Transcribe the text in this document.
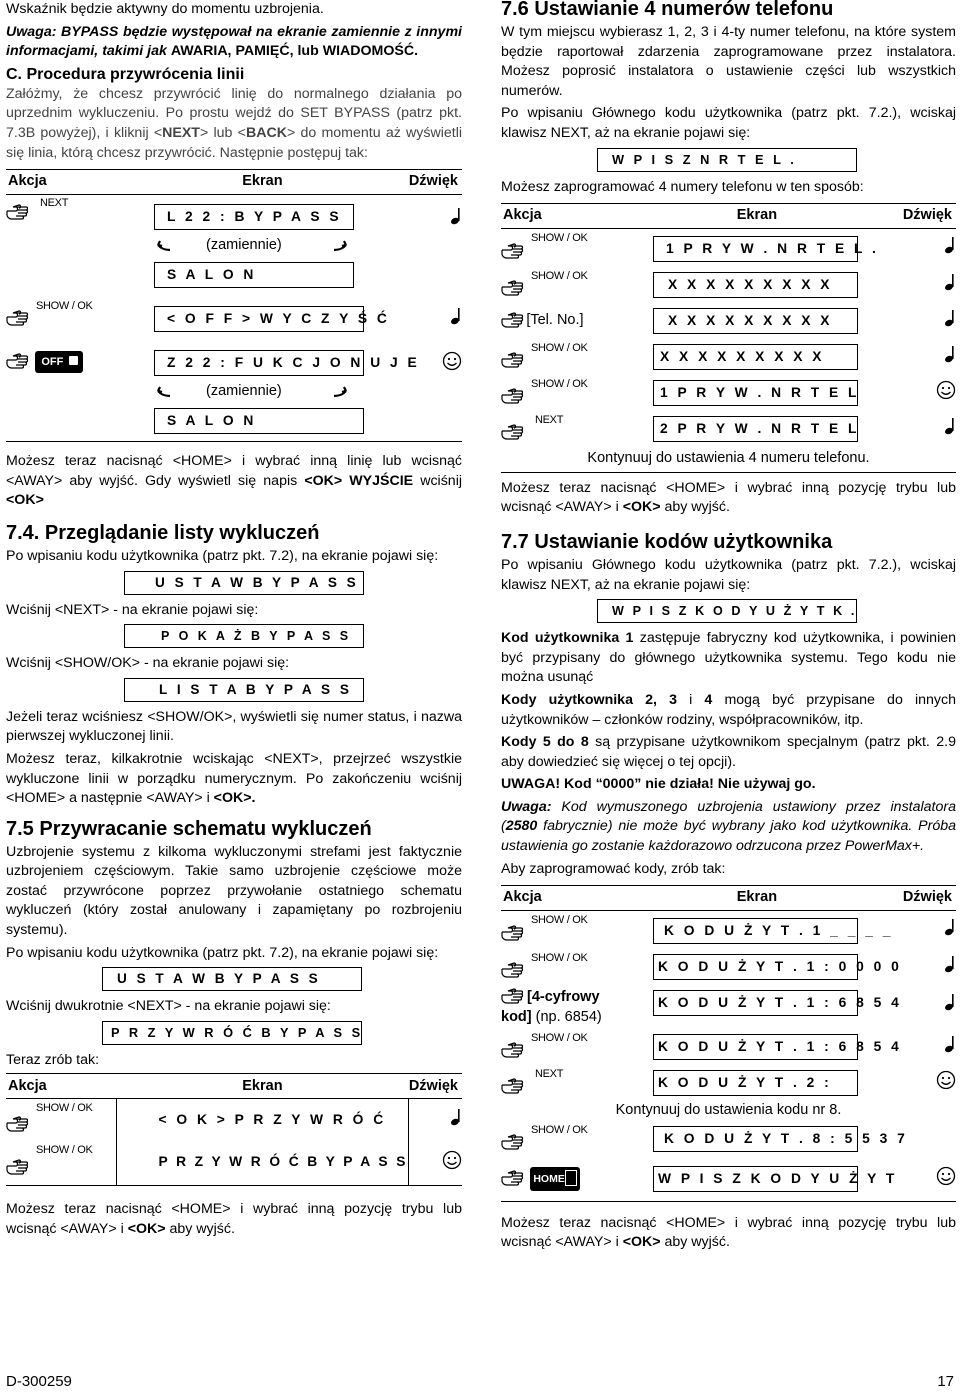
Wskaźnik będzie aktywny do momentu uzbrojenia.

Uwaga: BYPASS będzie występował na ekranie zamiennie z innymi informacjami, takimi jak AWARIA, PAMIĘĆ, lub WIADOMOŚĆ.

C. Procedura przywrócenia linii

Załóżmy, że chcesz przywrócić linię do normalnego działania po uprzednim wykluczeniu. Po prostu wejdź do SET BYPASS (patrz pkt. 7.3B powyżej), i kliknij <NEXT> lub <BACK> do momentu aż wyświetli się linia, którą chcesz przywrócić. Następnie postępuj tak:

Akcja	Ekran	Dźwięk

NEXT	L 2 2 : B Y P A S S
(zamiennie)
S A L O N

SHOW / OK	< O F F > W Y C Z Y Ś Ć

OFF	Z 2 2 : F U K C J O N U J E
(zamiennie)
S A L O N

Możesz teraz nacisnąć <HOME> i wybrać inną linię lub wcisnąć <AWAY> aby wyjść. Gdy wyświetl się napis <OK> WYJŚCIE wciśnij <OK>

7.4. Przeglądanie listy wykluczeń

Po wpisaniu kodu użytkownika (patrz pkt. 7.2), na ekranie pojawi się:

U S T A W B Y P A S S

Wciśnij <NEXT> - na ekranie pojawi się:

P O K A Ż B Y P A S S

Wciśnij <SHOW/OK> - na ekranie pojawi się:

L I S T A B Y P A S S

Jeżeli teraz wciśniesz <SHOW/OK>, wyświetli się numer status, i nazwa pierwszej wykluczonej linii.

Możesz teraz, kilkakrotnie wciskając <NEXT>, przejrzeć wszystkie wykluczone linii w porządku numerycznym. Po zakończeniu wciśnij <HOME> a następnie <AWAY> i <OK>.

7.5 Przywracanie schematu wykluczeń

Uzbrojenie systemu z kilkoma wykluczonymi strefami jest faktycznie uzbrojeniem częściowym. Takie samo uzbrojenie częściowe może zostać przywrócone poprzez przywołanie ostatniego schematu wykluczeń (który został anulowany i zapamiętany po rozbrojeniu systemu).

Po wpisaniu kodu użytkownika (patrz pkt. 7.2), na ekranie pojawi się:

U S T A W B Y P A S S

Wciśnij dwukrotnie <NEXT> - na ekranie pojawi się:

P R Z Y W R Ó Ć B Y P A S S

Teraz zrób tak:

Akcja	Ekran	Dźwięk

SHOW / OK	< O K > P R Z Y W R Ó Ć

SHOW / OK	P R Z Y W R Ó Ć B Y P A S S

Możesz teraz nacisnąć <HOME> i wybrać inną pozycję trybu lub wcisnąć <AWAY> i <OK> aby wyjść.

7.6 Ustawianie 4 numerów telefonu

W tym miejscu wybierasz 1, 2, 3 i 4-ty numer telefonu, na które system będzie raportował zdarzenia zaprogramowane przez instalatora. Możesz poprosić instalatora o ustawienie części lub wszystkich numerów.

Po wpisaniu Głównego kodu użytkownika (patrz pkt. 7.2.), wciskaj klawisz NEXT, aż na ekranie pojawi się:

W P I S Z N R T E L .

Możesz zaprogramować 4 numery telefonu w ten sposób:

Akcja	Ekran	Dźwięk

SHOW / OK	1 P R Y W . N R T E L .

SHOW / OK	X X X X X X X X X

[Tel. No.]	X X X X X X X X X

SHOW / OK	X X X X X X X X X

SHOW / OK	1 P R Y W . N R T E L

NEXT	2 P R Y W . N R T E L

Kontynuuj do ustawienia 4 numeru telefonu.		

Możesz teraz nacisnąć <HOME> i wybrać inną pozycję trybu lub wcisnąć <AWAY> i <OK> aby wyjść.

7.7 Ustawianie kodów użytkownika

Po wpisaniu Głównego kodu użytkownika (patrz pkt. 7.2.), wciskaj klawisz NEXT, aż na ekranie pojawi się:

W P I S Z K O D Y U Ż Y T K .

Kod użytkownika 1 zastępuje fabryczny kod użytkownika, i powinien być przypisany do głównego użytkownika systemu. Tego kodu nie można usunąć

Kody użytkownika 2, 3 i 4 mogą być przypisane do innych użytkowników – członków rodziny, współpracowników, itp.

Kody 5 do 8 są przypisane użytkownikom specjalnym (patrz pkt. 2.9 aby dowiedzieć się więcej o tej opcji).

UWAGA! Kod “0000” nie działa! Nie używaj go.

Uwaga: Kod wymuszonego uzbrojenia ustawiony przez instalatora (2580 fabrycznie) nie może być wybrany jako kod użytkownika. Próba ustawienia go zostanie każdorazowo odrzucona przez PowerMax+.

Aby zaprogramować kody, zrób tak:

Akcja	Ekran	Dźwięk

SHOW / OK	K O D U Ż Y T . 1 _ _ _ _

SHOW / OK	K O D U Ż Y T . 1 : 0 0 0 0

[4-cyfrowy kod] (np. 6854)	K O D U Ż Y T . 1 : 6 8 5 4

SHOW / OK	K O D U Ż Y T . 1 : 6 8 5 4

NEXT	K O D U Ż Y T . 2 :

Kontynuuj do ustawienia kodu nr 8.		

SHOW / OK	K O D U Ż Y T . 8 : 5 5 3 7	

HOME	W P I S Z K O D Y U Ż Y T

Możesz teraz nacisnąć <HOME> i wybrać inną pozycję trybu lub wcisnąć <AWAY> i <OK> aby wyjść.

D-300259	17
